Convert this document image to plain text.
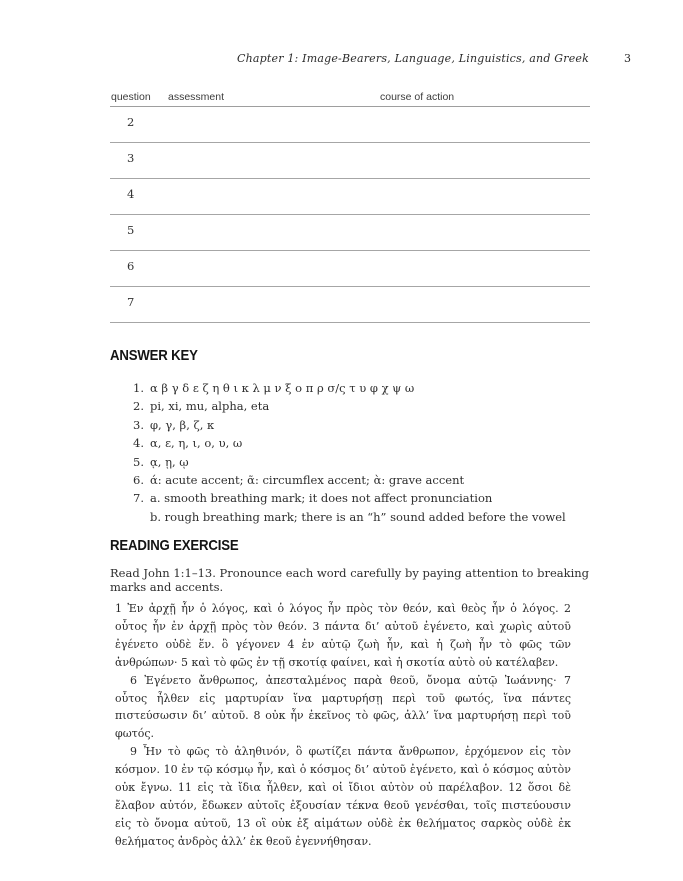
Chapter 1: Image-Bearers, Language, Linguistics, and Greek	3
question assessment	course of action
2
3
4
5
6
7
ANSWER KEY
1. α β γ δ ε ζ η θ ι κ λ μ ν ξ ο π ρ σ/ς τ υ φ χ ψ ω
2. pi, xi, mu, alpha, eta
3. φ, γ, β, ζ, κ
4. α, ε, η, ι, ο, υ, ω
5. ᾳ, ῃ, ῳ
6. ά: acute accent; ᾶ: circumflex accent; ὰ: grave accent
7. a. smooth breathing mark; it does not affect pronunciation
b. rough breathing mark; there is an “h” sound added before the vowel
READING EXERCISE

Read John 1:1–13. Pronounce each word carefully by paying attention to breaking marks and accents.

1 Ἐν ἀρχῇ ἦν ὁ λόγος, καὶ ὁ λόγος ἦν πρὸς τὸν θεόν, καὶ θεὸς ἦν ὁ λόγος. 2 οὗτος ἦν ἐν ἀρχῇ πρὸς τὸν θεόν. 3 πάντα δι’ αὐτοῦ ἐγένετο, καὶ χωρὶς αὐτοῦ ἐγένετο οὐδὲ ἕν. ὃ γέγονεν 4 ἐν αὐτῷ ζωὴ ἦν, καὶ ἡ ζωὴ ἦν τὸ φῶς τῶν ἀνθρώπων· 5 καὶ τὸ φῶς ἐν τῇ σκοτίᾳ φαίνει, καὶ ἡ σκοτία αὐτὸ οὐ κατέλαβεν.

6 Ἐγένετο ἄνθρωπος, ἀπεσταλμένος παρὰ θεοῦ, ὄνομα αὐτῷ Ἰωάννης· 7 οὗτος ἦλθεν εἰς μαρτυρίαν ἵνα μαρτυρήσῃ περὶ τοῦ φωτός, ἵνα πάντες πιστεύσωσιν δι’ αὐτοῦ. 8 οὐκ ἦν ἐκεῖνος τὸ φῶς, ἀλλ’ ἵνα μαρτυρήσῃ περὶ τοῦ φωτός.

9 Ἦν τὸ φῶς τὸ ἀληθινόν, ὃ φωτίζει πάντα ἄνθρωπον, ἐρχόμενον εἰς τὸν κόσμον. 10 ἐν τῷ κόσμῳ ἦν, καὶ ὁ κόσμος δι’ αὐτοῦ ἐγένετο, καὶ ὁ κόσμος αὐτὸν οὐκ ἔγνω. 11 εἰς τὰ ἴδια ἦλθεν, καὶ οἱ ἴδιοι αὐτὸν οὐ παρέλαβον. 12 ὅσοι δὲ ἔλαβον αὐτόν, ἔδωκεν αὐτοῖς ἐξουσίαν τέκνα θεοῦ γενέσθαι, τοῖς πιστεύουσιν εἰς τὸ ὄνομα αὐτοῦ, 13 οἳ οὐκ ἐξ αἱμάτων οὐδὲ ἐκ θελήματος σαρκὸς οὐδὲ ἐκ θελήματος ἀνδρὸς ἀλλ’ ἐκ θεοῦ ἐγεννήθησαν.
